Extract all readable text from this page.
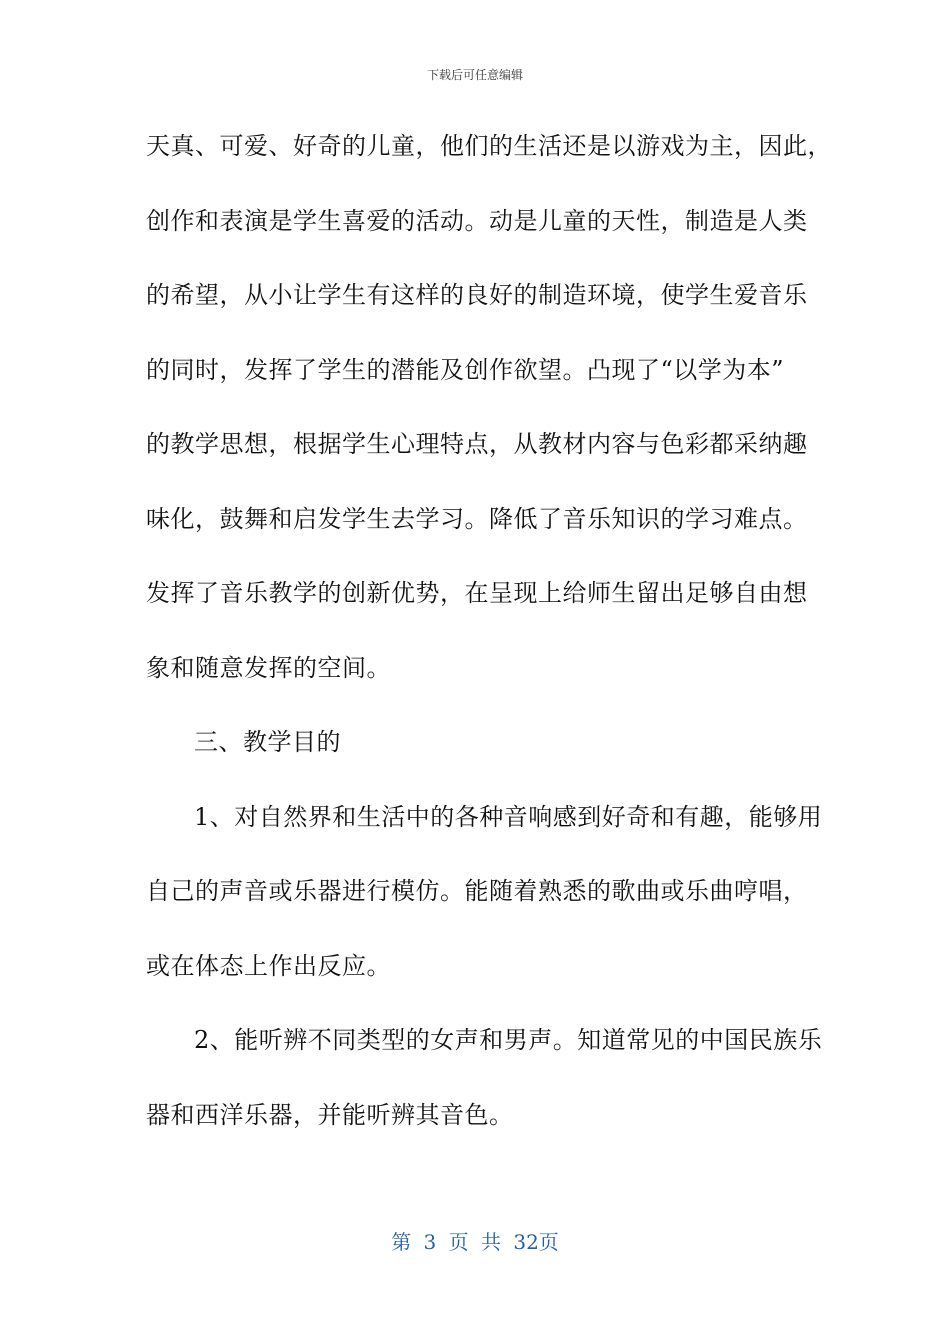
下载后可任意编辑
天真、可爱、好奇的儿童，他们的生活还是以游戏为主，因此，
创作和表演是学生喜爱的活动。动是儿童的天性，制造是人类
的希望，从小让学生有这样的良好的制造环境，使学生爱音乐
的同时，发挥了学生的潜能及创作欲望。凸现了“以学为本”
的教学思想，根据学生心理特点，从教材内容与色彩都采纳趣
味化，鼓舞和启发学生去学习。降低了音乐知识的学习难点。
发挥了音乐教学的创新优势，在呈现上给师生留出足够自由想
象和随意发挥的空间。
三、教学目的
1、对自然界和生活中的各种音响感到好奇和有趣，能够用
自己的声音或乐器进行模仿。能随着熟悉的歌曲或乐曲哼唱，
或在体态上作出反应。
2、能听辨不同类型的女声和男声。知道常见的中国民族乐
器和西洋乐器，并能听辨其音色。
第 3 页 共 32页
